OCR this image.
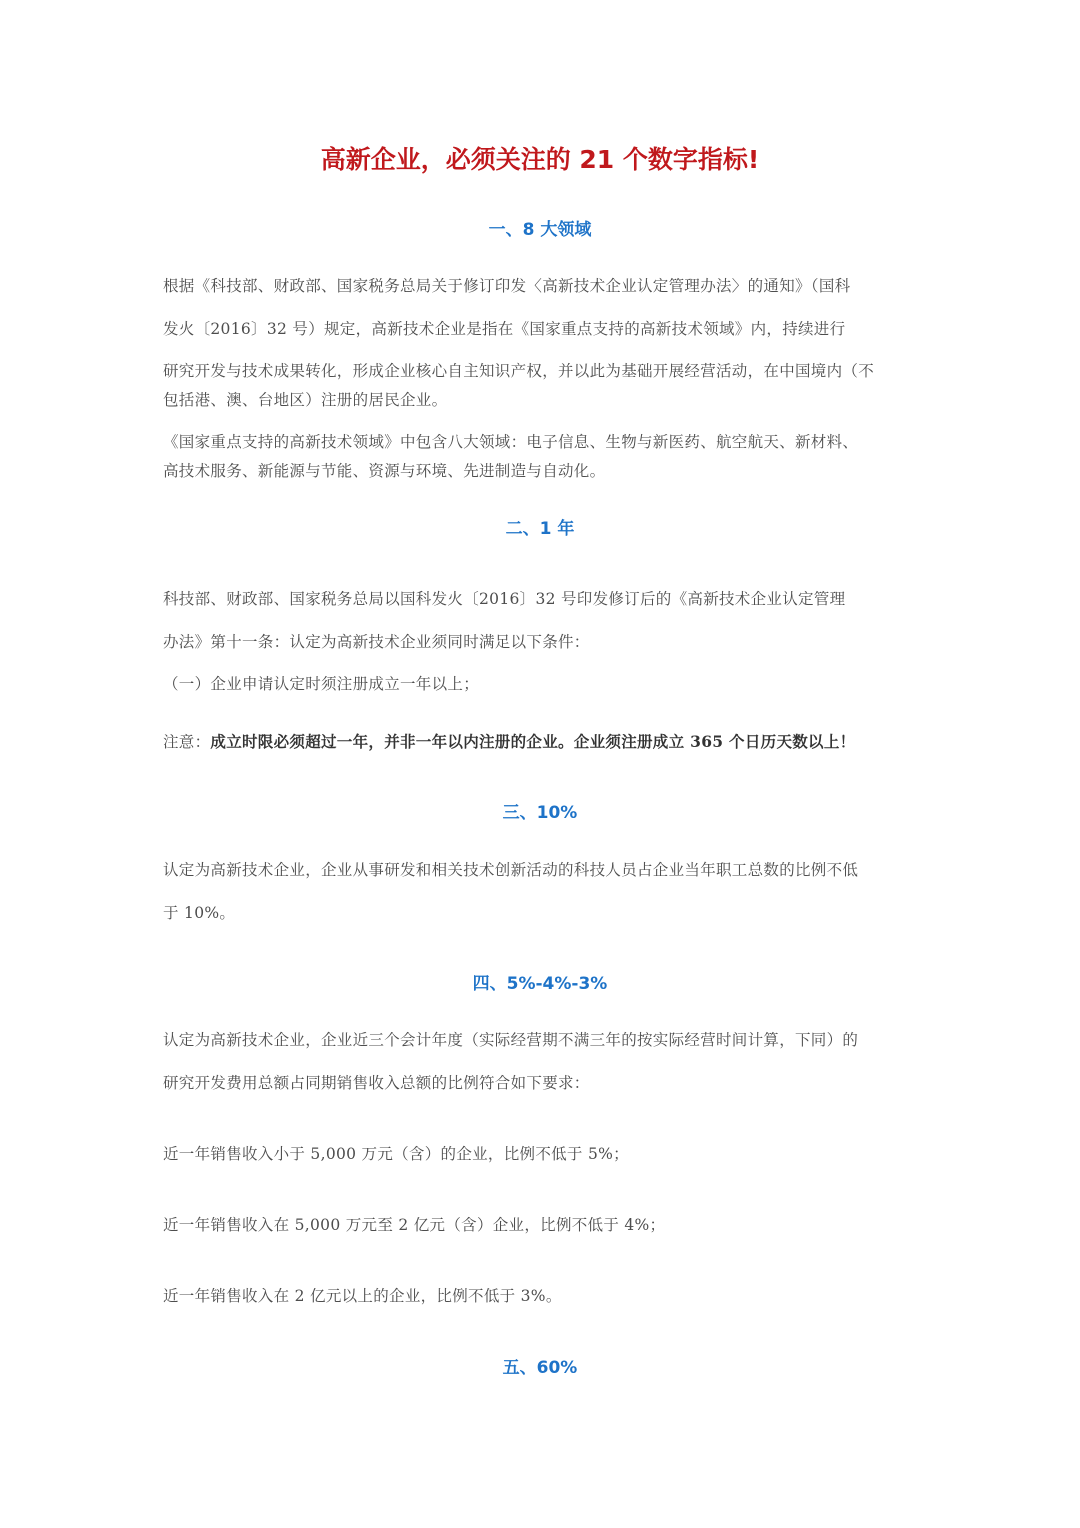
高新企业，必须关注的 21 个数字指标!
一、8 大领域
根据《科技部、财政部、国家税务总局关于修订印发〈高新技术企业认定管理办法〉的通知》（国科
发火〔2016〕32 号）规定，高新技术企业是指在《国家重点支持的高新技术领域》内，持续进行
研究开发与技术成果转化，形成企业核心自主知识产权，并以此为基础开展经营活动，在中国境内（不
包括港、澳、台地区）注册的居民企业。
《国家重点支持的高新技术领域》中包含八大领域：电子信息、生物与新医药、航空航天、新材料、
高技术服务、新能源与节能、资源与环境、先进制造与自动化。
二、1 年
科技部、财政部、国家税务总局以国科发火〔2016〕32 号印发修订后的《高新技术企业认定管理
办法》第十一条：认定为高新技术企业须同时满足以下条件：
（一）企业申请认定时须注册成立一年以上；
注意：成立时限必须超过一年，并非一年以内注册的企业。企业须注册成立 365 个日历天数以上！
三、10%
认定为高新技术企业，企业从事研发和相关技术创新活动的科技人员占企业当年职工总数的比例不低
于 10%。
四、5%-4%-3%
认定为高新技术企业，企业近三个会计年度（实际经营期不满三年的按实际经营时间计算，下同）的
研究开发费用总额占同期销售收入总额的比例符合如下要求：
近一年销售收入小于 5,000 万元（含）的企业，比例不低于 5%；
近一年销售收入在 5,000 万元至 2 亿元（含）企业，比例不低于 4%；
近一年销售收入在 2 亿元以上的企业，比例不低于 3%。
五、60%
